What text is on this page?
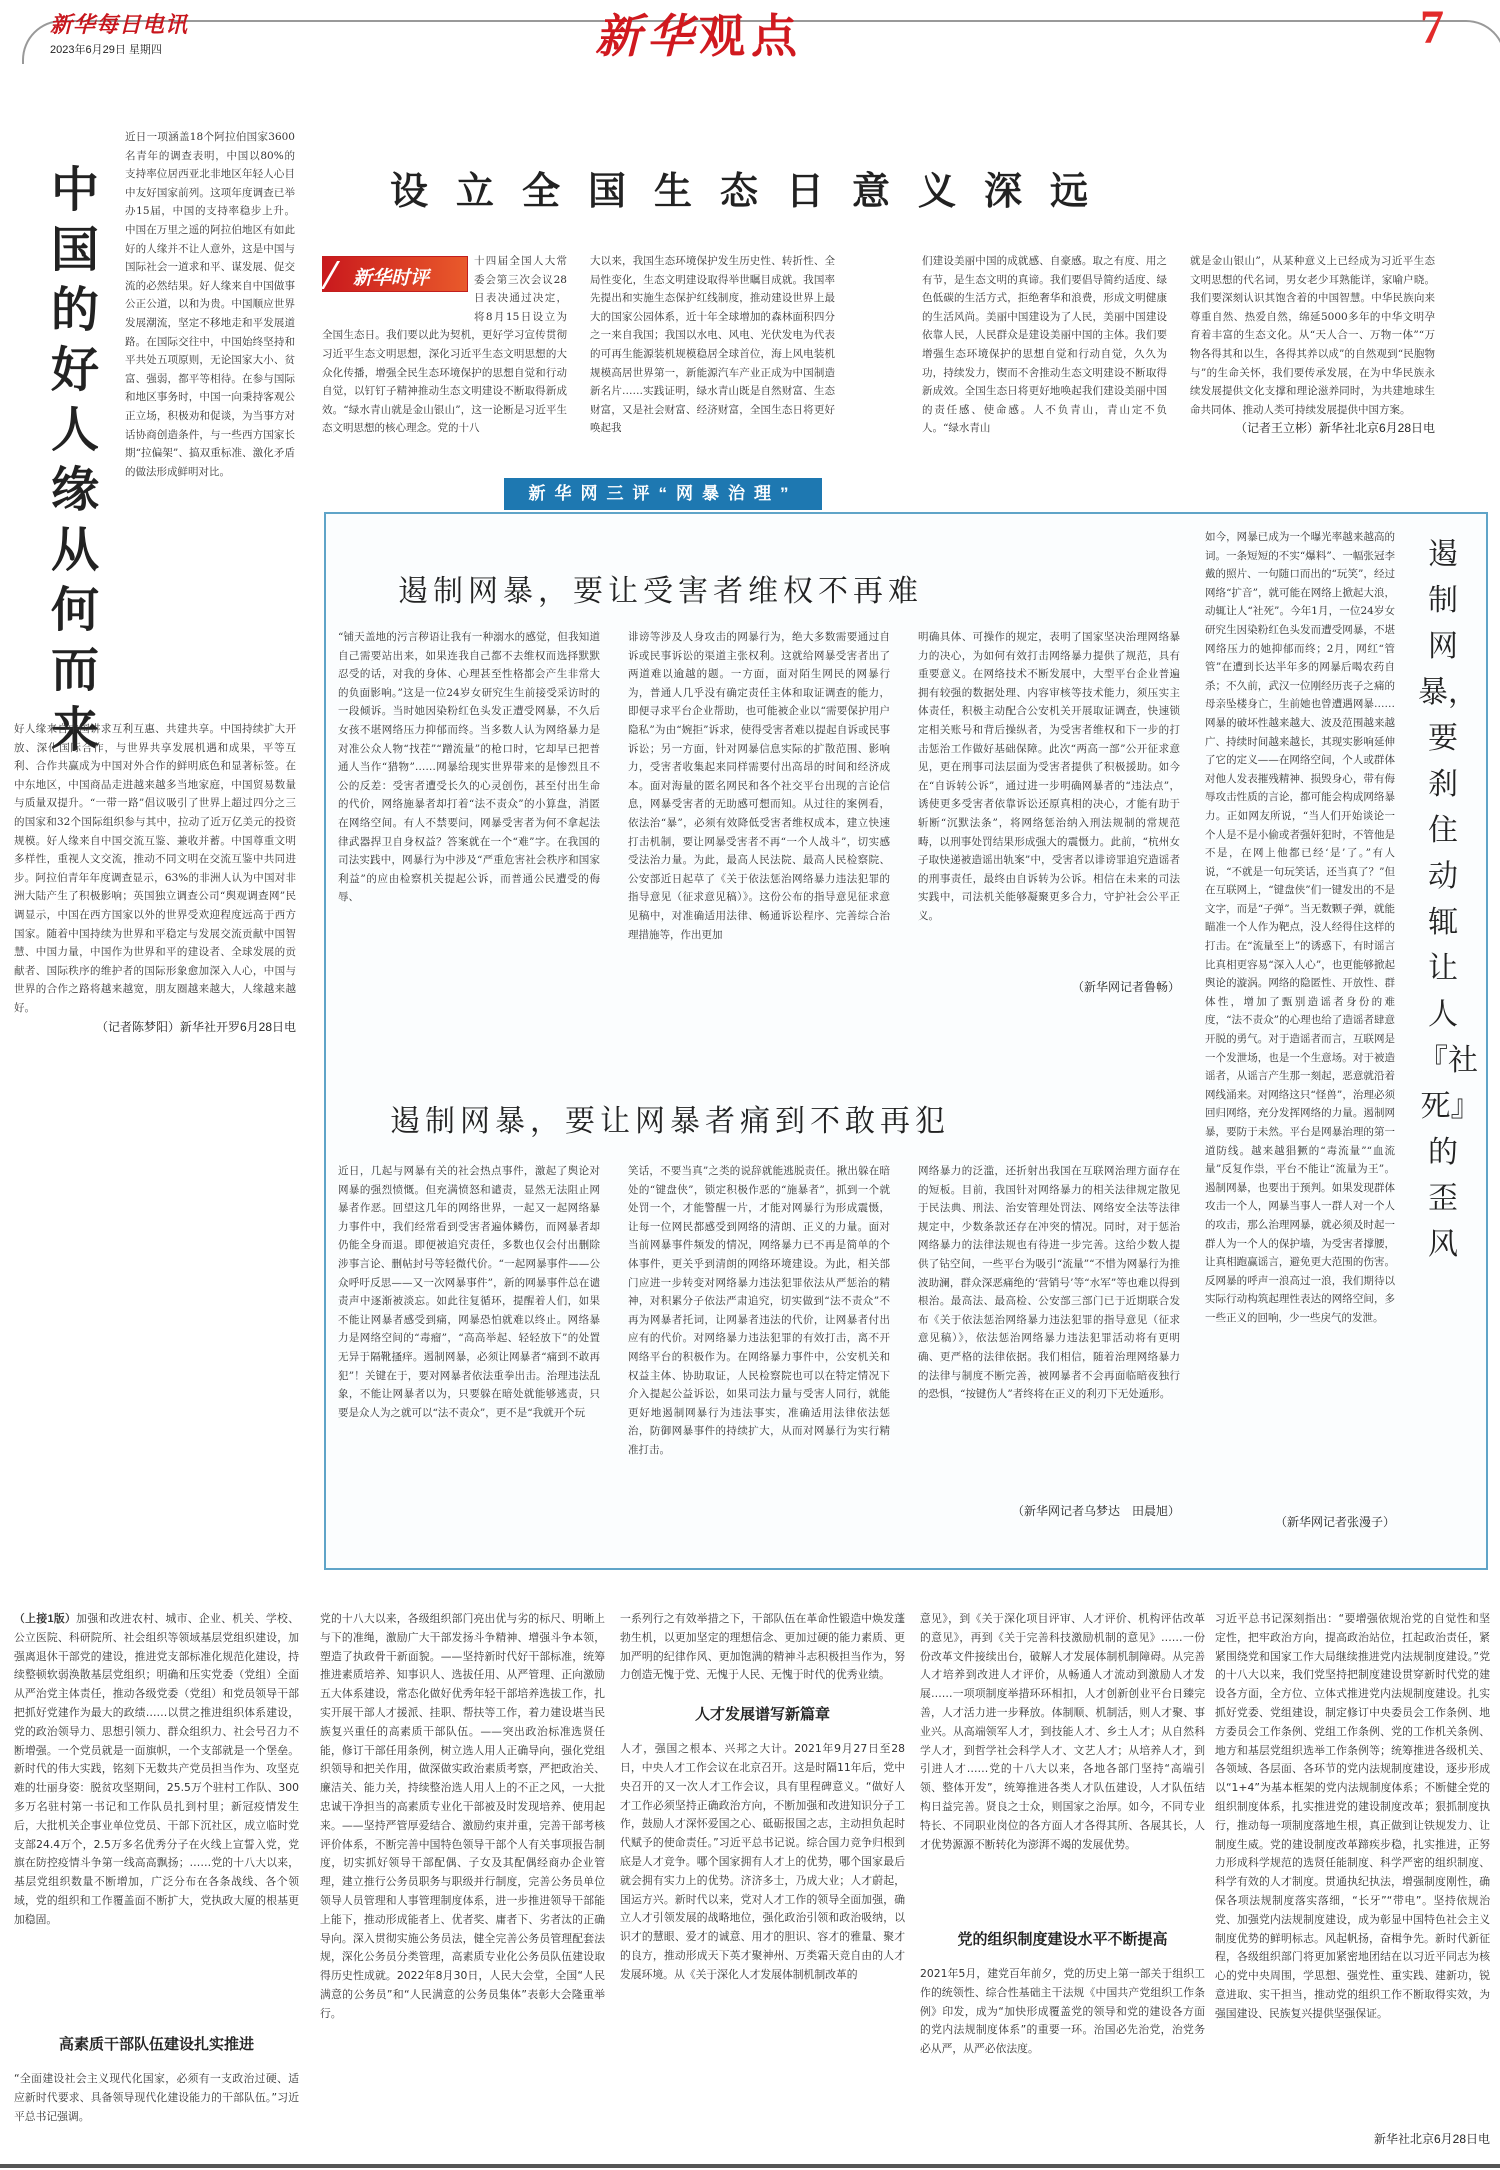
新华每日电讯
2023年6月29日 星期四	新华观点	7
中国的好人缘从何而来
近日一项涵盖18个阿拉伯国家3600名青年的调查表明，中国以80%的支持率位居西亚北非地区年轻人心目中友好国家前列。这项年度调查已举办15届，中国的支持率稳步上升。中国在万里之遥的阿拉伯地区有如此好的人缘并不让人意外，这是中国与国际社会一道求和平、谋发展、促交流的必然结果。好人缘来自中国做事公正公道，以和为贵。中国顺应世界发展潮流，坚定不移地走和平发展道路。在国际交往中，中国始终坚持和平共处五项原则，无论国家大小、贫富、强弱，都平等相待。在参与国际和地区事务时，中国一向秉持客观公正立场，积极劝和促谈，为当事方对话协商创造条件，与一些西方国家长期“拉偏架”、搞双重标准、激化矛盾的做法形成鲜明对比。
好人缘来自中国讲求互利互惠、共建共享。中国持续扩大开放、深化国际合作，与世界共享发展机遇和成果，平等互利、合作共赢成为中国对外合作的鲜明底色和显著标签。在中东地区，中国商品走进越来越多当地家庭，中国贸易数量与质量双提升。“一带一路”倡议吸引了世界上超过四分之三的国家和32个国际组织参与其中，拉动了近万亿美元的投资规模。好人缘来自中国交流互鉴、兼收并蓄。中国尊重文明多样性，重视人文交流，推动不同文明在交流互鉴中共同进步。阿拉伯青年年度调查显示，63%的非洲人认为中国对非洲大陆产生了积极影响；英国独立调查公司“舆观调查网”民调显示，中国在西方国家以外的世界受欢迎程度远高于西方国家。随着中国持续为世界和平稳定与发展交流贡献中国智慧、中国力量，中国作为世界和平的建设者、全球发展的贡献者、国际秩序的维护者的国际形象愈加深入人心，中国与世界的合作之路将越来越宽，朋友圈越来越大，人缘越来越好。
（记者陈梦阳）新华社开罗6月28日电
设立全国生态日意义深远
新华时评
十四届全国人大常委会第三次会议28日表决通过决定，将8月15日设立为全国生态日。我们要以此为契机，更好学习宣传贯彻习近平生态文明思想，深化习近平生态文明思想的大众化传播，增强全民生态环境保护的思想自觉和行动自觉，以钉钉子精神推动生态文明建设不断取得新成效。“绿水青山就是金山银山”，这一论断是习近平生态文明思想的核心理念。党的十八
大以来，我国生态环境保护发生历史性、转折性、全局性变化，生态文明建设取得举世瞩目成就。我国率先提出和实施生态保护红线制度，推动建设世界上最大的国家公园体系，近十年全球增加的森林面积四分之一来自我国；我国以水电、风电、光伏发电为代表的可再生能源装机规模稳居全球首位，海上风电装机规模高居世界第一，新能源汽车产业正成为中国制造新名片……实践证明，绿水青山既是自然财富、生态财富，又是社会财富、经济财富，全国生态日将更好唤起我
们建设美丽中国的成就感、自豪感。取之有度、用之有节，是生态文明的真谛。我们要倡导简约适度、绿色低碳的生活方式，拒绝奢华和浪费，形成文明健康的生活风尚。美丽中国建设为了人民，美丽中国建设依靠人民，人民群众是建设美丽中国的主体。我们要增强生态环境保护的思想自觉和行动自觉，久久为功，持续发力，锲而不舍推动生态文明建设不断取得新成效。全国生态日将更好地唤起我们建设美丽中国的责任感、使命感。人不负青山，青山定不负人。“绿水青山
就是金山银山”，从某种意义上已经成为习近平生态文明思想的代名词，男女老少耳熟能详，家喻户晓。我们要深刻认识其饱含着的中国智慧。中华民族向来尊重自然、热爱自然，绵延5000多年的中华文明孕育着丰富的生态文化。从“天人合一、万物一体”“万物各得其和以生，各得其养以成”的自然观到“民胞物与”的生命关怀，我们要传承发展，在为中华民族永续发展提供文化支撑和理论滋养同时，为共建地球生命共同体、推动人类可持续发展提供中国方案。
（记者王立彬）新华社北京6月28日电
新华网三评“网暴治理”
遏制网暴，要让受害者维权不再难
“铺天盖地的污言秽语让我有一种溺水的感觉，但我知道自己需要站出来，如果连我自己都不去维权而选择默默忍受的话，对我的身体、心理甚至性格都会产生非常大的负面影响。”这是一位24岁女研究生生前接受采访时的一段倾诉。当时她因染粉红色头发正遭受网暴，不久后女孩不堪网络压力抑郁而终。当多数人认为网络暴力是对准公众人物“找茬”“蹭流量”的枪口时，它却早已把普通人当作“猎物”……网暴给现实世界带来的是惨烈且不公的反差：受害者遭受长久的心灵创伤，甚至付出生命的代价，网络施暴者却打着“法不责众”的小算盘，消匿在网络空间。有人不禁要问，网暴受害者为何不拿起法律武器捍卫自身权益？答案就在一个“难”字。在我国的司法实践中，网暴行为中涉及“严重危害社会秩序和国家利益”的应由检察机关提起公诉，而普通公民遭受的侮辱、
诽谤等涉及人身攻击的网暴行为，绝大多数需要通过自诉或民事诉讼的渠道主张权利。这就给网暴受害者出了两道难以逾越的题。一方面，面对陌生网民的网暴行为，普通人几乎没有确定责任主体和取证调查的能力，即便寻求平台企业帮助，也可能被企业以“需要保护用户隐私”为由“婉拒”诉求，使得受害者难以提起自诉或民事诉讼；另一方面，针对网暴信息实际的扩散范围、影响力，受害者收集起来同样需要付出高昂的时间和经济成本。面对海量的匿名网民和各个社交平台出现的言论信息，网暴受害者的无助感可想而知。从过往的案例看，依法治“暴”，必须有效降低受害者维权成本，建立快速打击机制，要让网暴受害者不再“一个人战斗”，切实感受法治力量。为此，最高人民法院、最高人民检察院、公安部近日起草了《关于依法惩治网络暴力违法犯罪的指导意见（征求意见稿）》。这份公布的指导意见征求意见稿中，对准确适用法律、畅通诉讼程序、完善综合治理措施等，作出更加
明确具体、可操作的规定，表明了国家坚决治理网络暴力的决心，为如何有效打击网络暴力提供了规范，具有重要意义。在网络技术不断发展中，大型平台企业普遍拥有较强的数据处理、内容审核等技术能力，须压实主体责任，积极主动配合公安机关开展取证调查，快速锁定相关账号和背后操纵者，为受害者维权和下一步的打击惩治工作做好基础保障。此次“两高一部”公开征求意见，更在刑事司法层面为受害者提供了积极援助。如今在“自诉转公诉”，通过进一步明确网暴者的“违法点”，诱使更多受害者依靠诉讼还原真相的决心，才能有助于斩断“沉默法条”，将网络惩治纳入刑法规制的常规范畴，以刑事处罚结果形成强大的震慑力。此前，“杭州女子取快递被造谣出轨案”中，受害者以诽谤罪追究造谣者的刑事责任，最终由自诉转为公诉。相信在未来的司法实践中，司法机关能够凝聚更多合力，守护社会公平正义。
（新华网记者鲁畅）
遏制网暴，要让网暴者痛到不敢再犯
近日，几起与网暴有关的社会热点事件，激起了舆论对网暴的强烈愤慨。但充满愤怒和谴责，显然无法阻止网暴者作恶。回望这几年的网络世界，一起又一起网络暴力事件中，我们经常看到受害者遍体鳞伤，而网暴者却仍能全身而退。即便被追究责任，多数也仅会付出删除涉事言论、删帖封号等轻微代价。“一起网暴事件——公众呼吁反思——又一次网暴事件”，新的网暴事件总在谴责声中逐渐被淡忘。如此往复循环，提醒着人们，如果不能让网暴者感受到痛，网暴恐怕就难以终止。网络暴力是网络空间的“毒瘤”，“高高举起、轻轻放下”的处置无异于隔靴搔痒。遏制网暴，必须让网暴者“痛到不敢再犯”！关键在于，要对网暴者依法重拳出击。治理违法乱象，不能让网暴者以为，只要躲在暗处就能够逃责，只要是众人为之就可以“法不责众”，更不是“我就开个玩
笑话，不要当真”之类的说辞就能逃脱责任。揪出躲在暗处的“键盘侠”，锁定积极作恶的“施暴者”，抓到一个就处罚一个，才能警醒一片，才能对网暴行为形成震慑，让每一位网民都感受到网络的清朗、正义的力量。面对当前网暴事件频发的情况，网络暴力已不再是简单的个体事件，更关乎到清朗的网络环境建设。为此，相关部门应进一步转变对网络暴力违法犯罪依法从严惩治的精神，对积累分子依法严肃追究，切实做到“法不责众”不再为网暴者托词，让网暴者违法的代价，让网暴者付出应有的代价。对网络暴力违法犯罪的有效打击，离不开网络平台的积极作为。在网络暴力事件中，公安机关和权益主体、协助取证，人民检察院也可以在特定情况下介入提起公益诉讼，如果司法力量与受害人同行，就能更好地遏制网暴行为违法事实，准确适用法律依法惩治，防御网暴事件的持续扩大，从而对网暴行为实行精准打击。
网络暴力的泛滥，还折射出我国在互联网治理方面存在的短板。目前，我国针对网络暴力的相关法律规定散见于民法典、刑法、治安管理处罚法、网络安全法等法律规定中，少数条款还存在冲突的情况。同时，对于惩治网络暴力的法律法规也有待进一步完善。这给少数人提供了钻空间，一些平台为吸引“流量”“不惜为网暴行为推波助澜，群众深恶痛绝的‘营销号’等“水军”等也难以得到根治。最高法、最高检、公安部三部门已于近期联合发布《关于依法惩治网络暴力违法犯罪的指导意见（征求意见稿）》，依法惩治网络暴力违法犯罪活动将有更明确、更严格的法律依据。我们相信，随着治理网络暴力的法律与制度不断完善，被网暴者不会再面临暗夜独行的恐惧，“按键伤人”者终将在正义的利刃下无处遁形。
（新华网记者乌梦达　田晨旭）
如今，网暴已成为一个曝光率越来越高的词。一条短短的不实“爆料”、一幅张冠李戴的照片、一句随口而出的“玩笑”，经过网络“扩音”，就可能在网络上掀起大浪，动辄让人“社死”。今年1月，一位24岁女研究生因染粉红色头发而遭受网暴，不堪网络压力的她抑郁而终；2月，网红“管管”在遭到长达半年多的网暴后喝农药自杀；不久前，武汉一位刚经历丧子之痛的母亲坠楼身亡，生前她也曾遭遇网暴……网暴的破坏性越来越大、波及范围越来越广、持续时间越来越长，其现实影响延伸了它的定义——在网络空间，个人或群体对他人发表摧残精神、损毁身心，带有侮辱攻击性质的言论，都可能会构成网络暴力。正如网友所说，“当人们开始谈论一个人是不是小偷或者强奸犯时，不管他是不是，在网上他都已经‘是’了。”有人说，“不就是一句玩笑话，还当真了？”但在互联网上，“键盘侠”们一键发出的不是文字，而是“子弹”。当无数颗子弹，就能瞄准一个人作为靶点，没人经得住这样的打击。在“流量至上”的诱惑下，有时谣言比真相更容易“深入人心”，也更能够掀起舆论的漩涡。网络的隐匿性、开放性、群体性，增加了甄别造谣者身份的难度，“法不责众”的心理也给了造谣者肆意开脱的勇气。对于造谣者而言，互联网是一个发泄场，也是一个生意场。对于被造谣者，从谣言产生那一刻起，恶意就沿着网线涌来。对网络这只“怪兽”，治理必须回归网络，充分发挥网络的力量。遏制网暴，要防于未然。平台是网暴治理的第一道防线。越来越猖獗的“毒流量”“血流量”反复作祟，平台不能让“流量为王”。遏制网暴，也要出于预判。如果发现群体攻击一个人，网暴当事人一群人对一个人的攻击，那么治理网暴，就必须及时起一群人为一个人的保护墙，为受害者撑腰，让真相跑赢谣言，避免更大范围的伤害。反网暴的呼声一浪高过一浪，我们期待以实际行动构筑起理性表达的网络空间，多一些正义的回响，少一些戾气的发泄。
（新华网记者张漫子）
遏制网暴，要刹住动辄让人『社死』的歪风
（上接1版）加强和改进农村、城市、企业、机关、学校、公立医院、科研院所、社会组织等领域基层党组织建设，加强离退休干部党的建设，推进党支部标准化规范化建设，持续整顿软弱涣散基层党组织；明确和压实党委（党组）全面从严治党主体责任，推动各级党委（党组）和党员领导干部把抓好党建作为最大的政绩……以贯之推进组织体系建设，党的政治领导力、思想引领力、群众组织力、社会号召力不断增强。一个党员就是一面旗帜，一个支部就是一个堡垒。新时代的伟大实践，铭刻下无数共产党员担当作为、攻坚克难的壮丽身姿：脱贫攻坚期间，25.5万个驻村工作队、300多万名驻村第一书记和工作队员扎到村里；新冠疫情发生后，大批机关企事业单位党员、干部下沉社区，成立临时党支部24.4万个，2.5万多名优秀分子在火线上宣誓入党，党旗在防控疫情斗争第一线高高飘扬；……党的十八大以来，基层党组织数量不断增加，广泛分布在各条战线、各个领域，党的组织和工作覆盖面不断扩大，党执政大厦的根基更加稳固。
高素质干部队伍建设扎实推进
“全面建设社会主义现代化国家，必须有一支政治过硬、适应新时代要求、具备领导现代化建设能力的干部队伍。”习近平总书记强调。
党的十八大以来，各级组织部门亮出优与劣的标尺、明晰上与下的准绳，激励广大干部发扬斗争精神、增强斗争本领，塑造了执政骨干新面貌。——坚持新时代好干部标准，统筹推进素质培养、知事识人、选拔任用、从严管理、正向激励五大体系建设，常态化做好优秀年轻干部培养选拔工作，扎实开展干部人才援派、挂职、帮扶等工作，着力建设堪当民族复兴重任的高素质干部队伍。——突出政治标准选贤任能，修订干部任用条例，树立选人用人正确导向，强化党组织领导和把关作用，做深做实政治素质考察，严把政治关、廉洁关、能力关，持续整治选人用人上的不正之风，一大批忠诚干净担当的高素质专业化干部被及时发现培养、使用起来。——坚持严管厚爱结合、激励约束并重，完善干部考核评价体系，不断完善中国特色领导干部个人有关事项报告制度，切实抓好领导干部配偶、子女及其配偶经商办企业管理，建立推行公务员职务与职级并行制度，完善公务员单位领导人员管理和人事管理制度体系，进一步推进领导干部能上能下，推动形成能者上、优者奖、庸者下、劣者汰的正确导向。深入贯彻实施公务员法，健全完善公务员管理配套法规，深化公务员分类管理，高素质专业化公务员队伍建设取得历史性成就。2022年8月30日，人民大会堂，全国“人民满意的公务员”和“人民满意的公务员集体”表彰大会隆重举行。
一系列行之有效举措之下，干部队伍在革命性锻造中焕发蓬勃生机，以更加坚定的理想信念、更加过硬的能力素质、更加严明的纪律作风、更加饱满的精神斗志积极担当作为，努力创造无愧于党、无愧于人民、无愧于时代的优秀业绩。
人才发展谱写新篇章
人才，强国之根本、兴邦之大计。2021年9月27日至28日，中央人才工作会议在北京召开。这是时隔11年后，党中央召开的又一次人才工作会议，具有里程碑意义。“做好人才工作必须坚持正确政治方向，不断加强和改进知识分子工作，鼓励人才深怀爱国之心、砥砺报国之志，主动担负起时代赋予的使命责任。”习近平总书记说。综合国力竞争归根到底是人才竞争。哪个国家拥有人才上的优势，哪个国家最后就会拥有实力上的优势。济济多士，乃成大业；人才蔚起，国运方兴。新时代以来，党对人才工作的领导全面加强，确立人才引领发展的战略地位，强化政治引领和政治吸纳，以识才的慧眼、爱才的诚意、用才的胆识、容才的雅量、聚才的良方，推动形成天下英才聚神州、万类霜天竞自由的人才发展环境。从《关于深化人才发展体制机制改革的
意见》，到《关于深化项目评审、人才评价、机构评估改革的意见》，再到《关于完善科技激励机制的意见》……一份份改革文件接续出台，破解人才发展体制机制障碍。从完善人才培养到改进人才评价，从畅通人才流动到激励人才发展……一项项制度举措环环相扣，人才创新创业平台日臻完善，人才活力进一步释放。体制顺、机制活，则人才聚、事业兴。从高端领军人才，到技能人才、乡土人才；从自然科学人才，到哲学社会科学人才、文艺人才；从培养人才，到引进人才……党的十八大以来，各地各部门坚持“高端引领、整体开发”，统筹推进各类人才队伍建设，人才队伍结构日益完善。贤良之士众，则国家之治厚。如今，不同专业特长、不同职业岗位的各方面人才各得其所、各展其长，人才优势源源不断转化为澎湃不竭的发展优势。
党的组织制度建设水平不断提高
2021年5月，建党百年前夕，党的历史上第一部关于组织工作的统领性、综合性基础主干法规《中国共产党组织工作条例》印发，成为“加快形成覆盖党的领导和党的建设各方面的党内法规制度体系”的重要一环。治国必先治党，治党务必从严，从严必依法度。
习近平总书记深刻指出：“要增强依规治党的自觉性和坚定性，把牢政治方向，提高政治站位，扛起政治责任，紧紧围绕党和国家工作大局继续推进党内法规制度建设。”党的十八大以来，我们党坚持把制度建设贯穿新时代党的建设各方面，全方位、立体式推进党内法规制度建设。扎实抓好党委、党组建设，制定修订中央委员会工作条例、地方委员会工作条例、党组工作条例、党的工作机关条例、地方和基层党组织选举工作条例等；统筹推进各级机关、各领域、各层面、各环节的党内法规制度建设，逐步形成以“1+4”为基本框架的党内法规制度体系；不断健全党的组织制度体系，扎实推进党的建设制度改革；狠抓制度执行，推动每一项制度落地生根，真正做到让铁规发力、让制度生威。党的建设制度改革蹄疾步稳，扎实推进，正努力形成科学规范的选贤任能制度、科学严密的组织制度、科学有效的人才制度。贯通执纪执法，增强制度刚性，确保各项法规制度落实落细，“长牙”“带电”。坚持依规治党、加强党内法规制度建设，成为彰显中国特色社会主义制度优势的鲜明标志。风起帆扬，奋楫争先。新时代新征程，各级组织部门将更加紧密地团结在以习近平同志为核心的党中央周围，学思想、强党性、重实践、建新功，锐意进取、实干担当，推动党的组织工作不断取得实效，为强国建设、民族复兴提供坚强保证。
新华社北京6月28日电
